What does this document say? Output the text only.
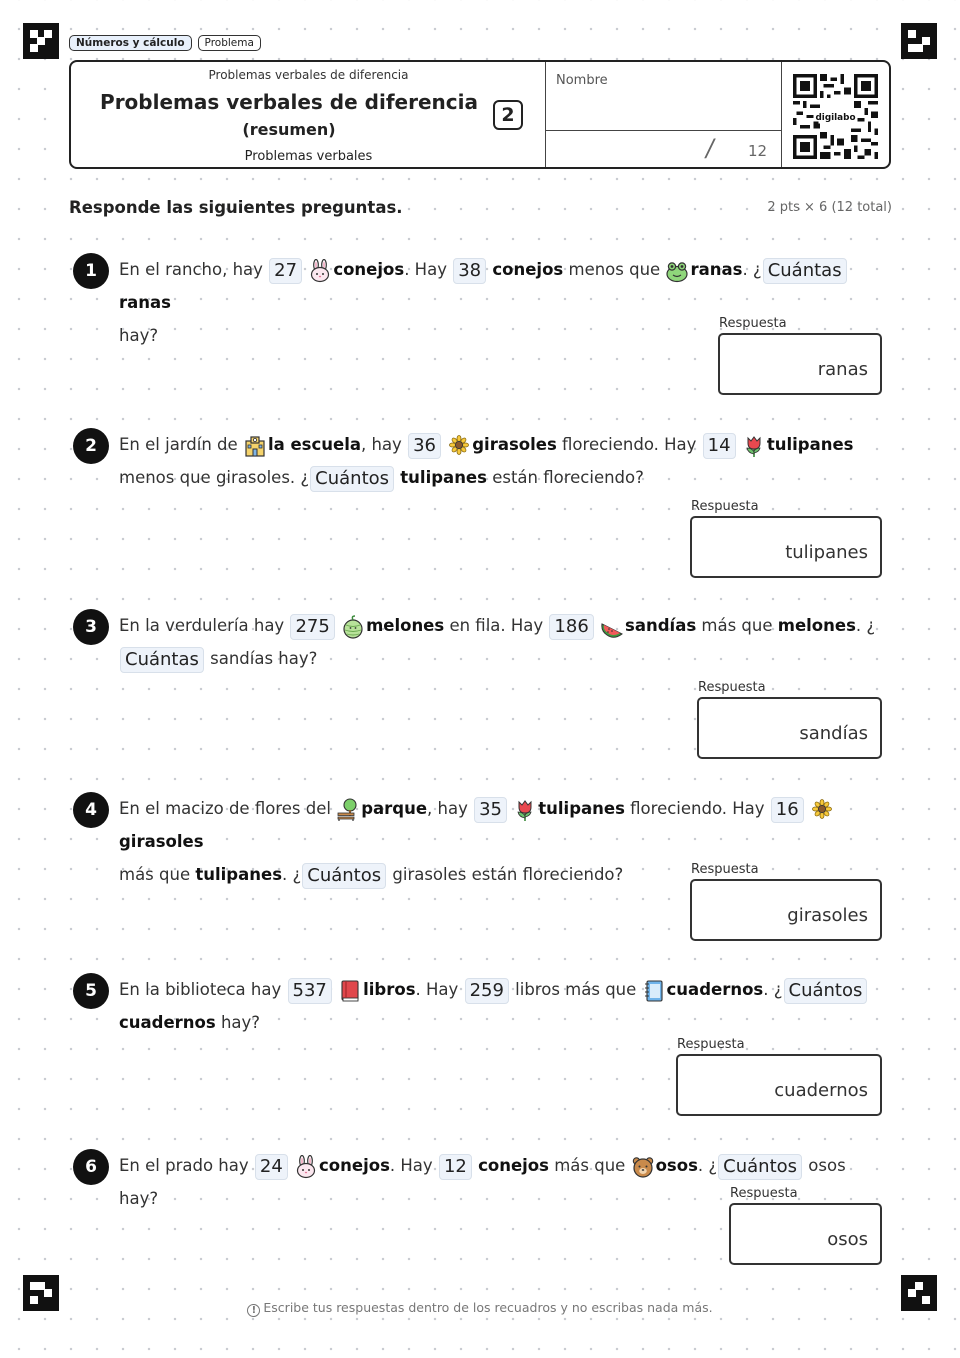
Números y cálculo	Problema
Problemas verbales de diferencia
Problemas verbales de diferencia
(resumen)
2
Problemas verbales
Nombre
/ 12
digilabo
Responde las siguientes preguntas.	2 pts × 6 (12 total)
1	En el rancho, hay 27 conejos. Hay 38 conejos menos que
ranas. ¿ Cuántas ranas
hay?
Respuesta
ranas
2	En el jardín de
la escuela, hay 36 girasoles floreciendo. Hay 14 tulipanes menos que girasoles. ¿ Cuántos tulipanes están floreciendo?
Respuesta
tulipanes
3	En la verdulería hay 275 melones en fila. Hay 186 sandías más que melones. ¿
Cuántas sandías hay?
Respuesta
sandías
4	En el macizo de flores del
parque, hay 35 tulipanes floreciendo. Hay 16
girasoles
más que tulipanes. ¿ Cuántos girasoles están floreciendo?	Respuesta
girasoles
5	En la biblioteca hay 537 libros. Hay 259 libros más que
cuadernos. ¿ Cuántos
cuadernos hay?
Respuesta
cuadernos
6	En el prado hay 24 conejos. Hay 12 conejos más que
osos. ¿ Cuántos osos hay?	Respuesta
osos
! Escribe tus respuestas dentro de los recuadros y no escribas nada más.
